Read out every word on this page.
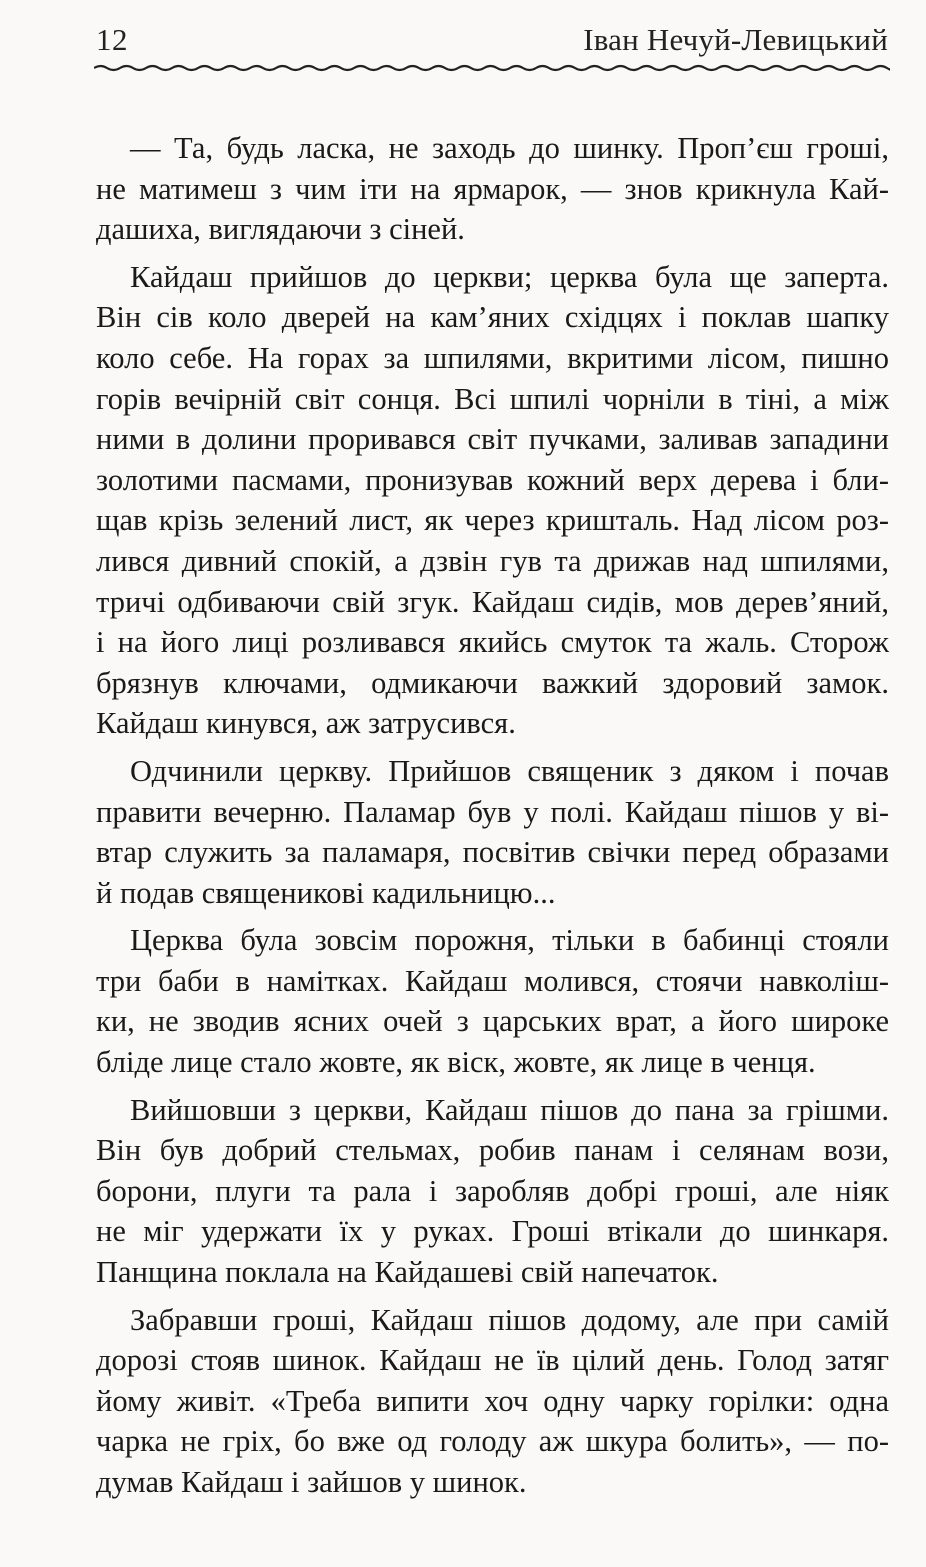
12	Іван Нечуй-Левицький

— Та, будь ласка, не заходь до шинку. Проп’єш гроші,
не матимеш з чим іти на ярмарок, — знов крикнула Кай-
дашиха, виглядаючи з сіней.

Кайдаш прийшов до церкви; церква була ще заперта.
Він сів коло дверей на кам’яних східцях і поклав шапку
коло себе. На горах за шпилями, вкритими лісом, пишно
горів вечірній світ сонця. Всі шпилі чорніли в тіні, а між
ними в долини проривався світ пучками, заливав западини
золотими пасмами, пронизував кожний верх дерева і бли-
щав крізь зелений лист, як через кришталь. Над лісом роз-
лився дивний спокій, а дзвін гув та дрижав над шпилями,
тричі одбиваючи свій згук. Кайдаш сидів, мов дерев’яний,
і на його лиці розливався якийсь смуток та жаль. Сторож
брязнув ключами, одмикаючи важкий здоровий замок.
Кайдаш кинувся, аж затрусився.

Одчинили церкву. Прийшов священик з дяком і почав
правити вечерню. Паламар був у полі. Кайдаш пішов у ві-
втар служить за паламаря, посвітив свічки перед образами
й подав священикові кадильницю...

Церква була зовсім порожня, тільки в бабинці стояли
три баби в намітках. Кайдаш молився, стоячи навколіш-
ки, не зводив ясних очей з царських врат, а його широке
бліде лице стало жовте, як віск, жовте, як лице в ченця.

Вийшовши з церкви, Кайдаш пішов до пана за грішми.
Він був добрий стельмах, робив панам і селянам вози,
борони, плуги та рала і заробляв добрі гроші, але ніяк
не міг удержати їх у руках. Гроші втікали до шинкаря.
Панщина поклала на Кайдашеві свій напечаток.

Забравши гроші, Кайдаш пішов додому, але при самій
дорозі стояв шинок. Кайдаш не їв цілий день. Голод затяг
йому живіт. «Треба випити хоч одну чарку горілки: одна
чарка не гріх, бо вже од голоду аж шкура болить», — по-
думав Кайдаш і зайшов у шинок.
